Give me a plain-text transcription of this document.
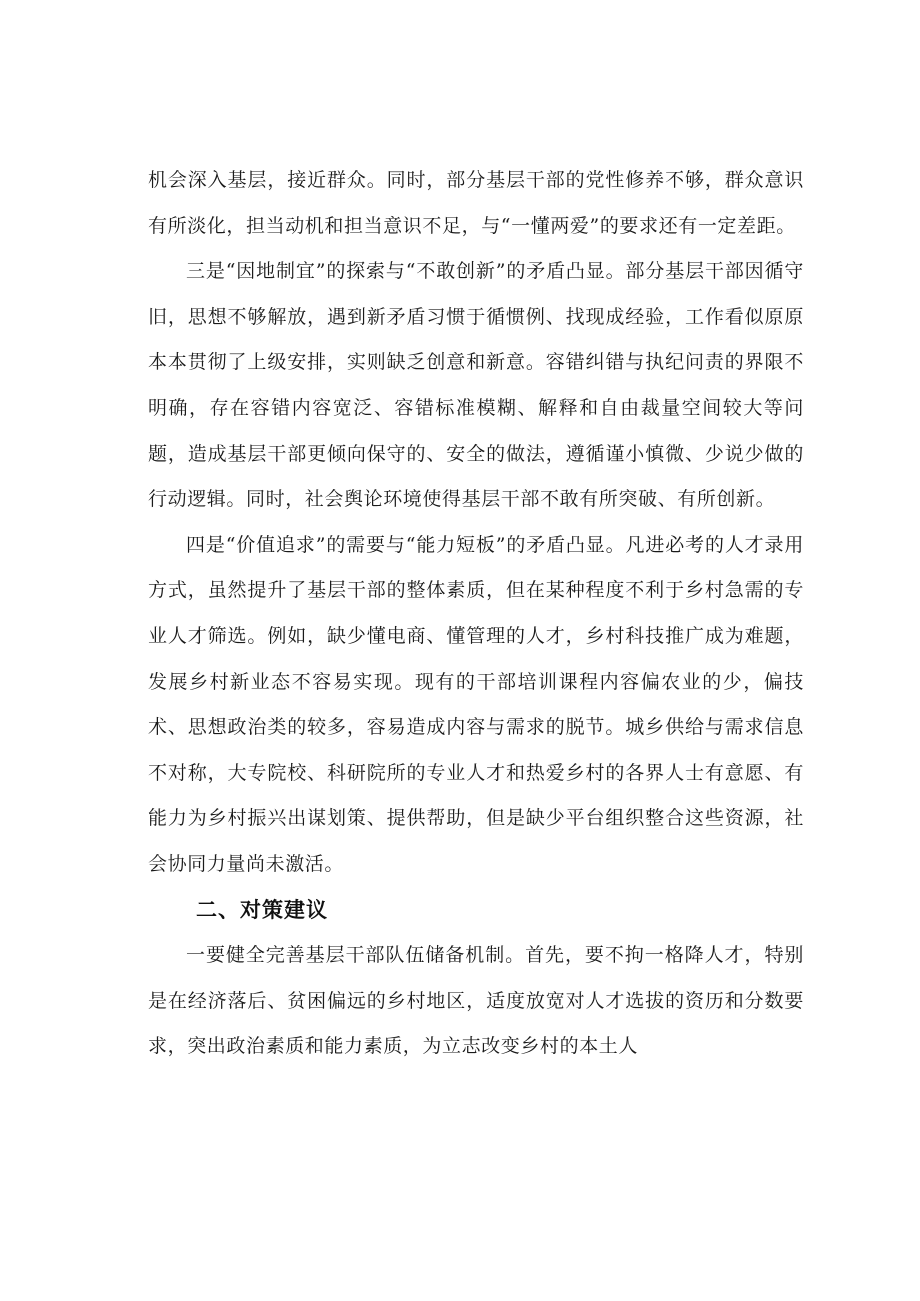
机会深入基层，接近群众。同时，部分基层干部的党性修养不够，群众意识有所淡化，担当动机和担当意识不足，与“一懂两爱”的要求还有一定差距。

三是“因地制宜”的探索与“不敢创新”的矛盾凸显。部分基层干部因循守旧，思想不够解放，遇到新矛盾习惯于循惯例、找现成经验，工作看似原原本本贯彻了上级安排，实则缺乏创意和新意。容错纠错与执纪问责的界限不明确，存在容错内容宽泛、容错标准模糊、解释和自由裁量空间较大等问题，造成基层干部更倾向保守的、安全的做法，遵循谨小慎微、少说少做的行动逻辑。同时，社会舆论环境使得基层干部不敢有所突破、有所创新。

四是“价值追求”的需要与“能力短板”的矛盾凸显。凡进必考的人才录用方式，虽然提升了基层干部的整体素质，但在某种程度不利于乡村急需的专业人才筛选。例如，缺少懂电商、懂管理的人才，乡村科技推广成为难题，发展乡村新业态不容易实现。现有的干部培训课程内容偏农业的少，偏技术、思想政治类的较多，容易造成内容与需求的脱节。城乡供给与需求信息不对称，大专院校、科研院所的专业人才和热爱乡村的各界人士有意愿、有能力为乡村振兴出谋划策、提供帮助，但是缺少平台组织整合这些资源，社会协同力量尚未激活。

二、对策建议

一要健全完善基层干部队伍储备机制。首先，要不拘一格降人才，特别是在经济落后、贫困偏远的乡村地区，适度放宽对人才选拔的资历和分数要求，突出政治素质和能力素质，为立志改变乡村的本土人
